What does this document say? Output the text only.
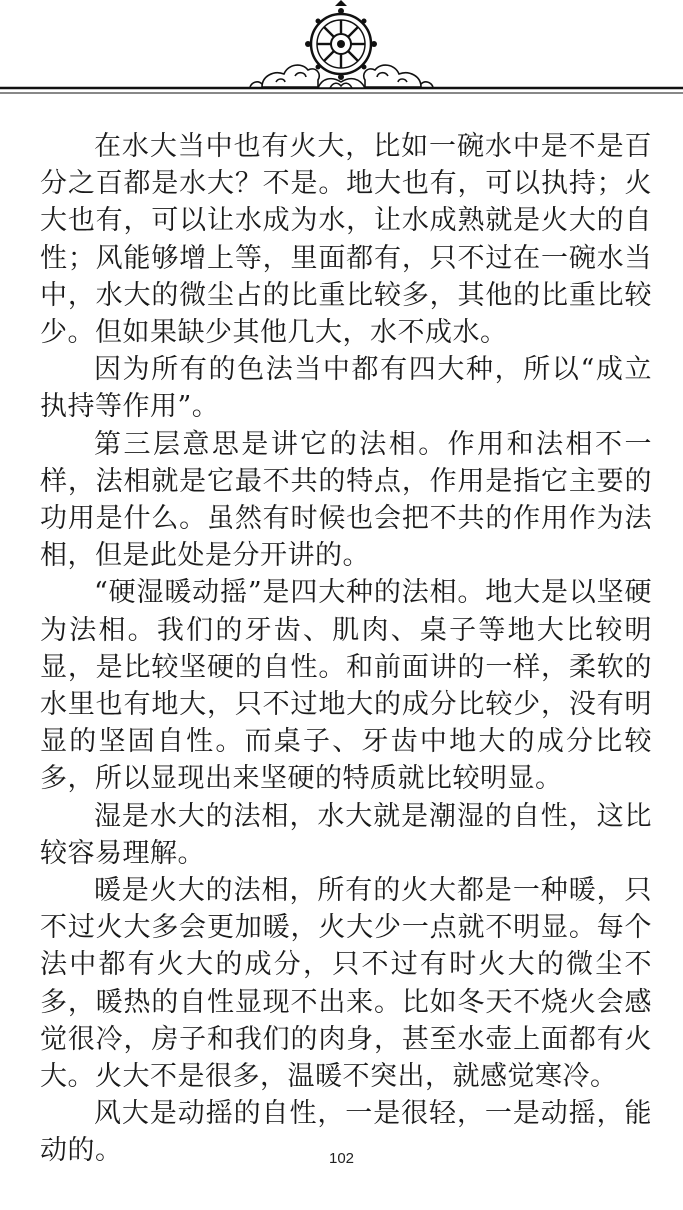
在水大当中也有火大，比如一碗水中是不是百分之百都是水大？不是。地大也有，可以执持；火大也有，可以让水成为水，让水成熟就是火大的自性；风能够增上等，里面都有，只不过在一碗水当中，水大的微尘占的比重比较多，其他的比重比较少。但如果缺少其他几大，水不成水。

因为所有的色法当中都有四大种，所以“成立执持等作用”。

第三层意思是讲它的法相。作用和法相不一样，法相就是它最不共的特点，作用是指它主要的功用是什么。虽然有时候也会把不共的作用作为法相，但是此处是分开讲的。

“硬湿暖动摇”是四大种的法相。地大是以坚硬为法相。我们的牙齿、肌肉、桌子等地大比较明显，是比较坚硬的自性。和前面讲的一样，柔软的水里也有地大，只不过地大的成分比较少，没有明显的坚固自性。而桌子、牙齿中地大的成分比较多，所以显现出来坚硬的特质就比较明显。

湿是水大的法相，水大就是潮湿的自性，这比较容易理解。

暖是火大的法相，所有的火大都是一种暖，只不过火大多会更加暖，火大少一点就不明显。每个法中都有火大的成分，只不过有时火大的微尘不多，暖热的自性显现不出来。比如冬天不烧火会感觉很冷，房子和我们的肉身，甚至水壶上面都有火大。火大不是很多，温暖不突出，就感觉寒冷。

风大是动摇的自性，一是很轻，一是动摇，能动的。	102
